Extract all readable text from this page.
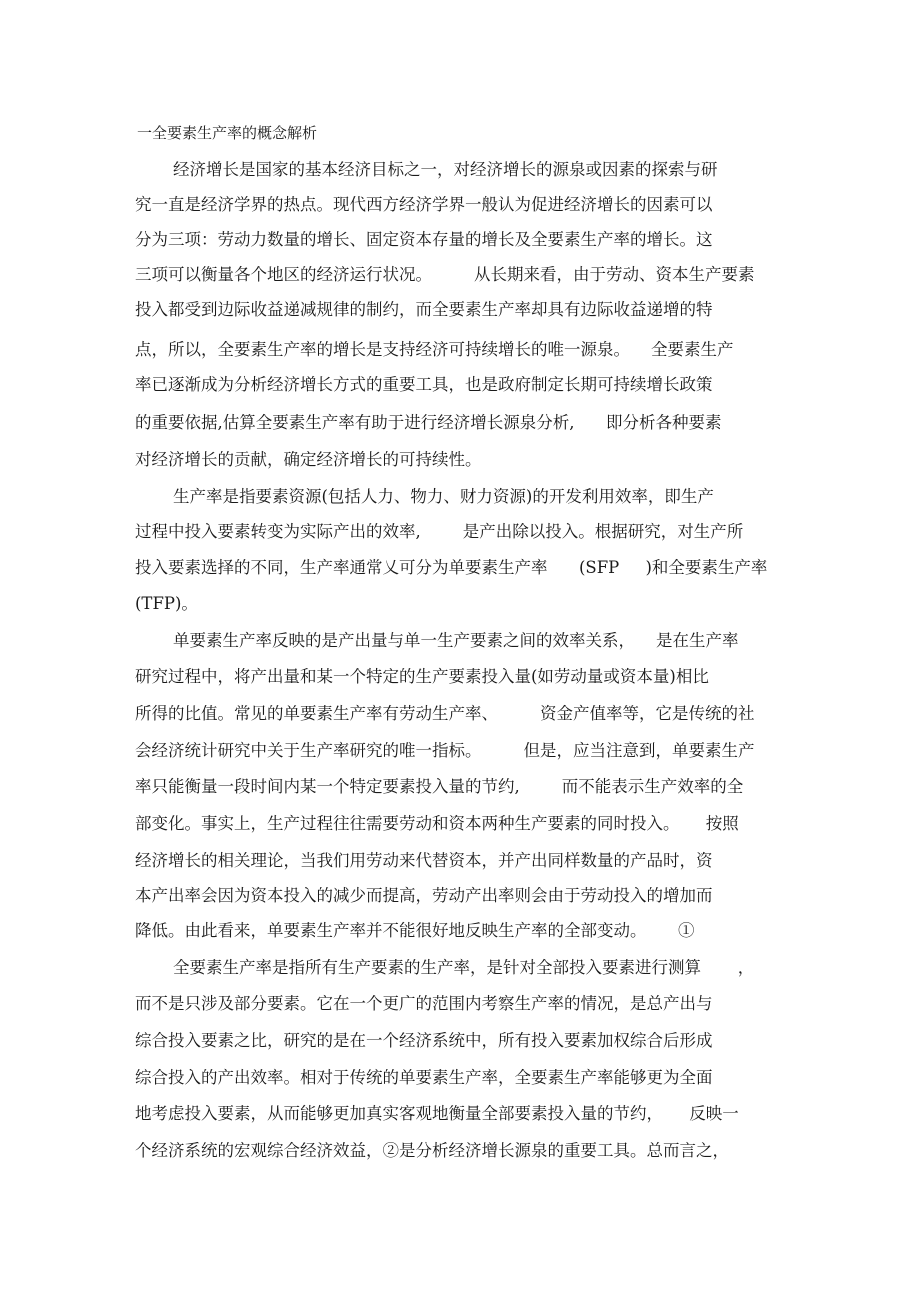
一全要素生产率的概念解析
经济增长是国家的基本经济目标之一，对经济增长的源泉或因素的探索与研
究一直是经济学界的热点。现代西方经济学界一般认为促进经济增长的因素可以
分为三项：劳动力数量的增长、固定资本存量的增长及全要素生产率的增长。这
三项可以衡量各个地区的经济运行状况。        从长期来看，由于劳动、资本生产要素
投入都受到边际收益递减规律的制约，而全要素生产率却具有边际收益递增的特
点，所以，全要素生产率的增长是支持经济可持续增长的唯一源泉。    全要素生产
率已逐渐成为分析经济增长方式的重要工具，也是政府制定长期可持续增长政策
的重要依据,估算全要素生产率有助于进行经济增长源泉分析,      即分析各种要素
对经济增长的贡献，确定经济增长的可持续性。
生产率是指要素资源(包括人力、物力、财力资源)的开发利用效率，即生产
过程中投入要素转变为实际产出的效率,        是产出除以投入。根据研究，对生产所
投入要素选择的不同，生产率通常乂可分为单要素生产率      (SFP     )和全要素生产率
(TFP)。
单要素生产率反映的是产出量与单一生产要素之间的效率关系，    是在生产率
研究过程中，将产出量和某一个特定的生产要素投入量(如劳动量或资本量)相比
所得的比值。常见的单要素生产率有劳动生产率、        资金产值率等，它是传统的社
会经济统计研究中关于生产率研究的唯一指标。        但是，应当注意到，单要素生产
率只能衡量一段时间内某一个特定要素投入量的节约,        而不能表示生产效率的全
部变化。事实上，生产过程往往需要劳动和资本两种生产要素的同时投入。     按照
经济增长的相关理论，当我们用劳动来代替资本，并产出同样数量的产品时，资
本产出率会因为资本投入的减少而提高，劳动产出率则会由于劳动投入的增加而
降低。由此看来，单要素生产率并不能很好地反映生产率的全部变动。      ①
全要素生产率是指所有生产要素的生产率，是针对全部投入要素进行测算       ，
而不是只涉及部分要素。它在一个更广的范围内考察生产率的情况，是总产出与
综合投入要素之比，研究的是在一个经济系统中，所有投入要素加权综合后形成
综合投入的产出效率。相对于传统的单要素生产率，全要素生产率能够更为全面
地考虑投入要素，从而能够更加真实客观地衡量全部要素投入量的节约，     反映一
个经济系统的宏观综合经济效益，②是分析经济增长源泉的重要工具。总而言之，
